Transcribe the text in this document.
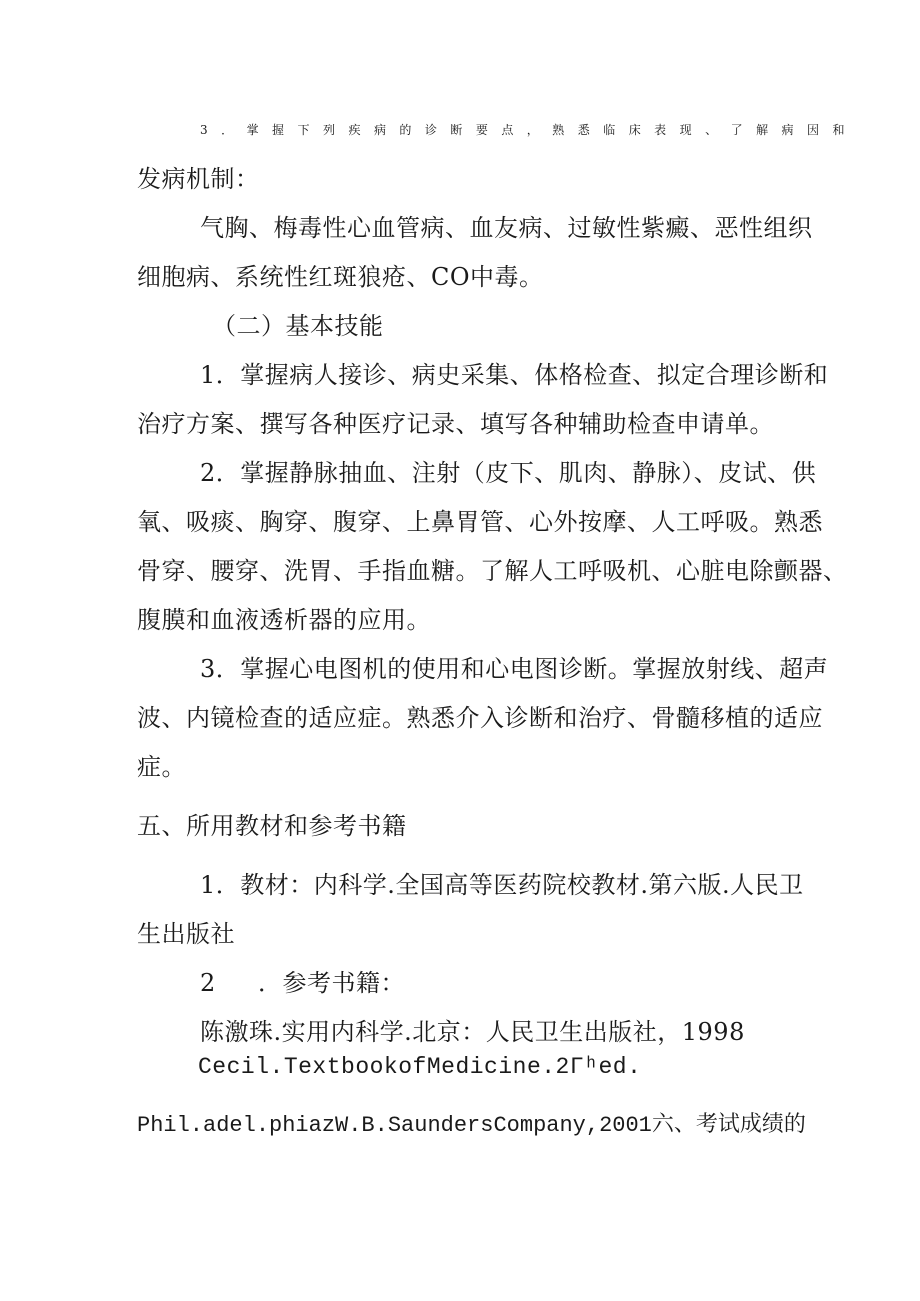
3．掌握下列疾病的诊断要点，熟悉临床表现、了解病因和
发病机制：
气胸、梅毒性心血管病、血友病、过敏性紫癜、恶性组织
细胞病、系统性红斑狼疮、CO中毒。
（二）基本技能
1．掌握病人接诊、病史采集、体格检查、拟定合理诊断和
治疗方案、撰写各种医疗记录、填写各种辅助检查申请单。
2．掌握静脉抽血、注射（皮下、肌肉、静脉）、皮试、供
氧、吸痰、胸穿、腹穿、上鼻胃管、心外按摩、人工呼吸。熟悉
骨穿、腰穿、洗胃、手指血糖。了解人工呼吸机、心脏电除颤器、
腹膜和血液透析器的应用。
3．掌握心电图机的使用和心电图诊断。掌握放射线、超声
波、内镜检查的适应症。熟悉介入诊断和治疗、骨髓移植的适应
症。
五、所用教材和参考书籍
1．教材：内科学.全国高等医药院校教材.第六版.人民卫
生出版社
2 ．参考书籍：
陈激珠.实用内科学.北京：人民卫生出版社，1998
Cecil.TextbookofMedicine.2Γʰed.
Phil.adel.phiazW.B.SaundersCompany,2001六、考试成绩的
